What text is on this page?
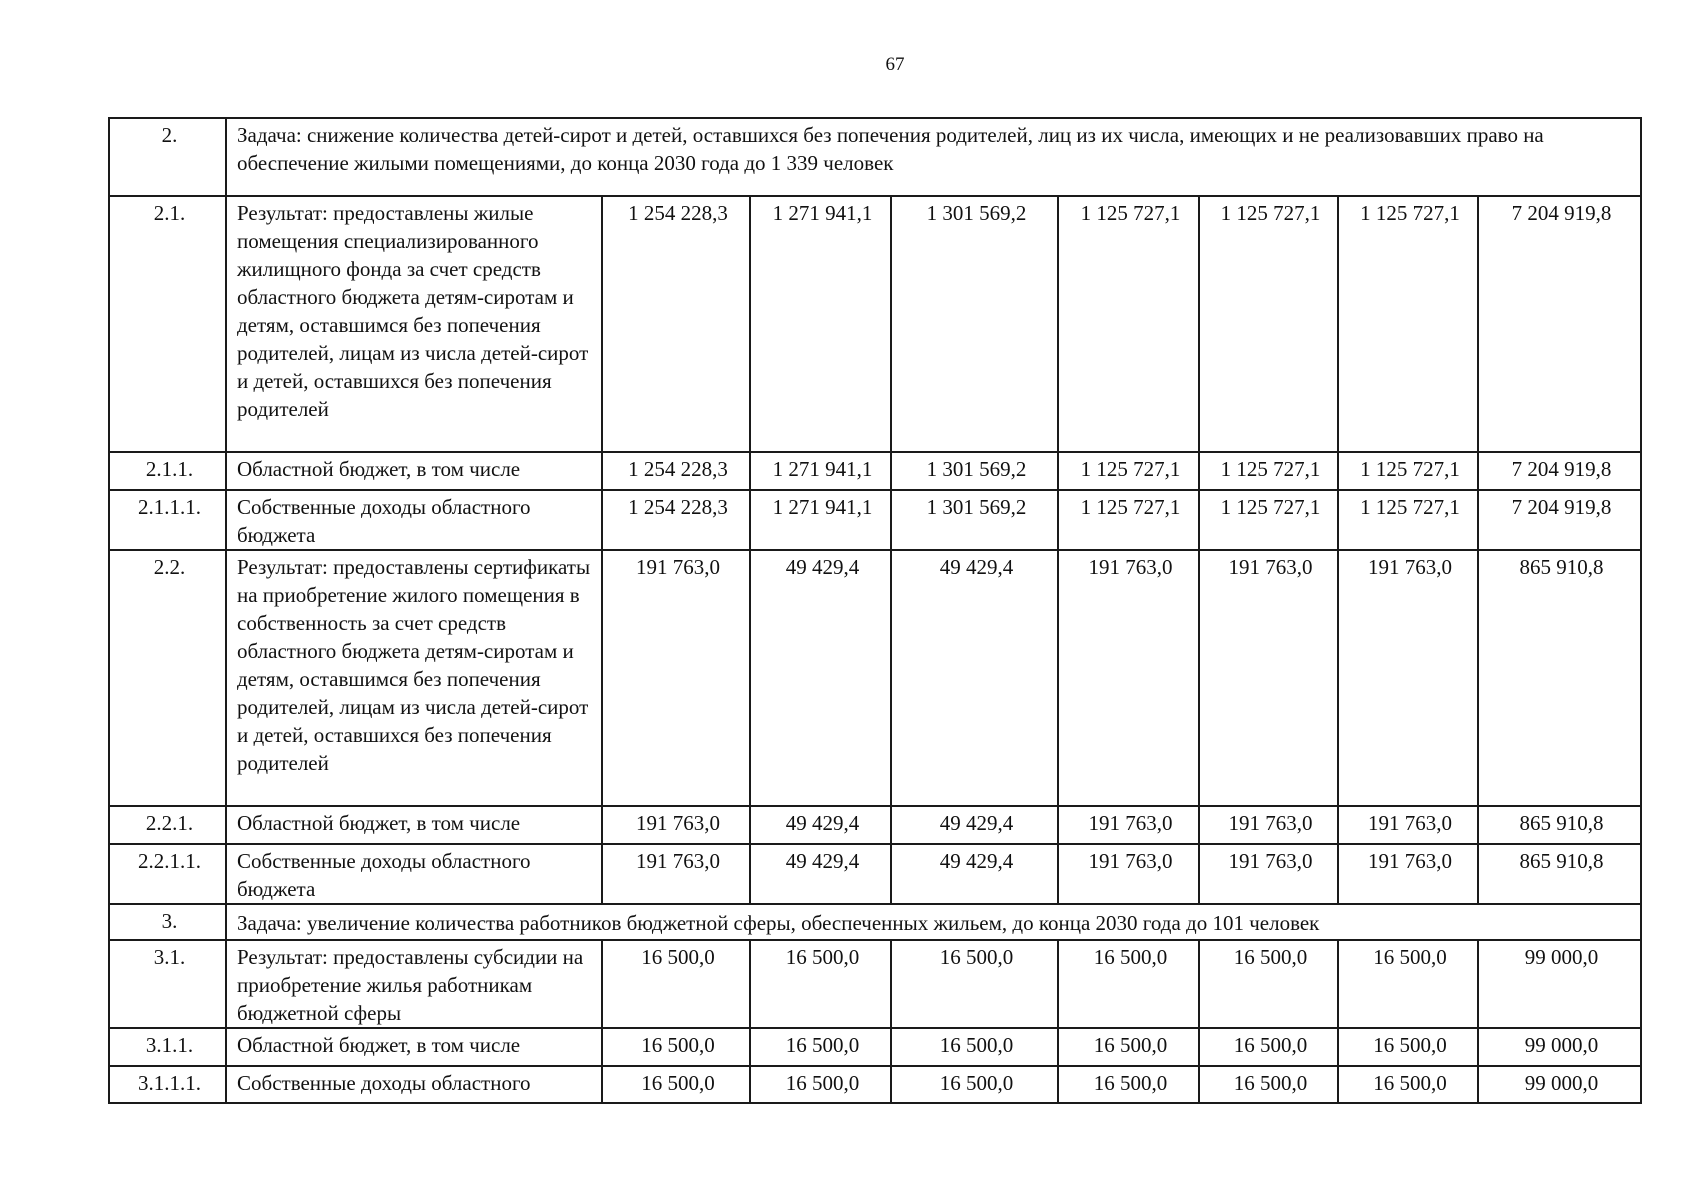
67
2.	Задача: снижение количества детей-сирот и детей, оставшихся без попечения родителей, лиц из их числа, имеющих и не реализовавших право на обеспечение жилыми помещениями, до конца 2030 года до 1 339 человек							
2.1.	Результат: предоставлены жилые помещения специализированного жилищного фонда за счет средств областного бюджета детям-сиротам и детям, оставшимся без попечения родителей, лицам из числа детей-сирот и детей, оставшихся без попечения родителей	1 254 228,3	1 271 941,1	1 301 569,2	1 125 727,1	1 125 727,1	1 125 727,1	7 204 919,8
2.1.1.	Областной бюджет, в том числе	1 254 228,3	1 271 941,1	1 301 569,2	1 125 727,1	1 125 727,1	1 125 727,1	7 204 919,8
2.1.1.1.	Собственные доходы областного бюджета	1 254 228,3	1 271 941,1	1 301 569,2	1 125 727,1	1 125 727,1	1 125 727,1	7 204 919,8
2.2.	Результат: предоставлены сертификаты на приобретение жилого помещения в собственность за счет средств областного бюджета детям-сиротам и детям, оставшимся без попечения родителей, лицам из числа детей-сирот и детей, оставшихся без попечения родителей	191 763,0	49 429,4	49 429,4	191 763,0	191 763,0	191 763,0	865 910,8
2.2.1.	Областной бюджет, в том числе	191 763,0	49 429,4	49 429,4	191 763,0	191 763,0	191 763,0	865 910,8
2.2.1.1.	Собственные доходы областного бюджета	191 763,0	49 429,4	49 429,4	191 763,0	191 763,0	191 763,0	865 910,8
3.	Задача: увеличение количества работников бюджетной сферы, обеспеченных жильем, до конца 2030 года до 101 человек							
3.1.	Результат: предоставлены субсидии на приобретение жилья работникам бюджетной сферы	16 500,0	16 500,0	16 500,0	16 500,0	16 500,0	16 500,0	99 000,0
3.1.1.	Областной бюджет, в том числе	16 500,0	16 500,0	16 500,0	16 500,0	16 500,0	16 500,0	99 000,0
3.1.1.1.	Собственные доходы областного	16 500,0	16 500,0	16 500,0	16 500,0	16 500,0	16 500,0	99 000,0
